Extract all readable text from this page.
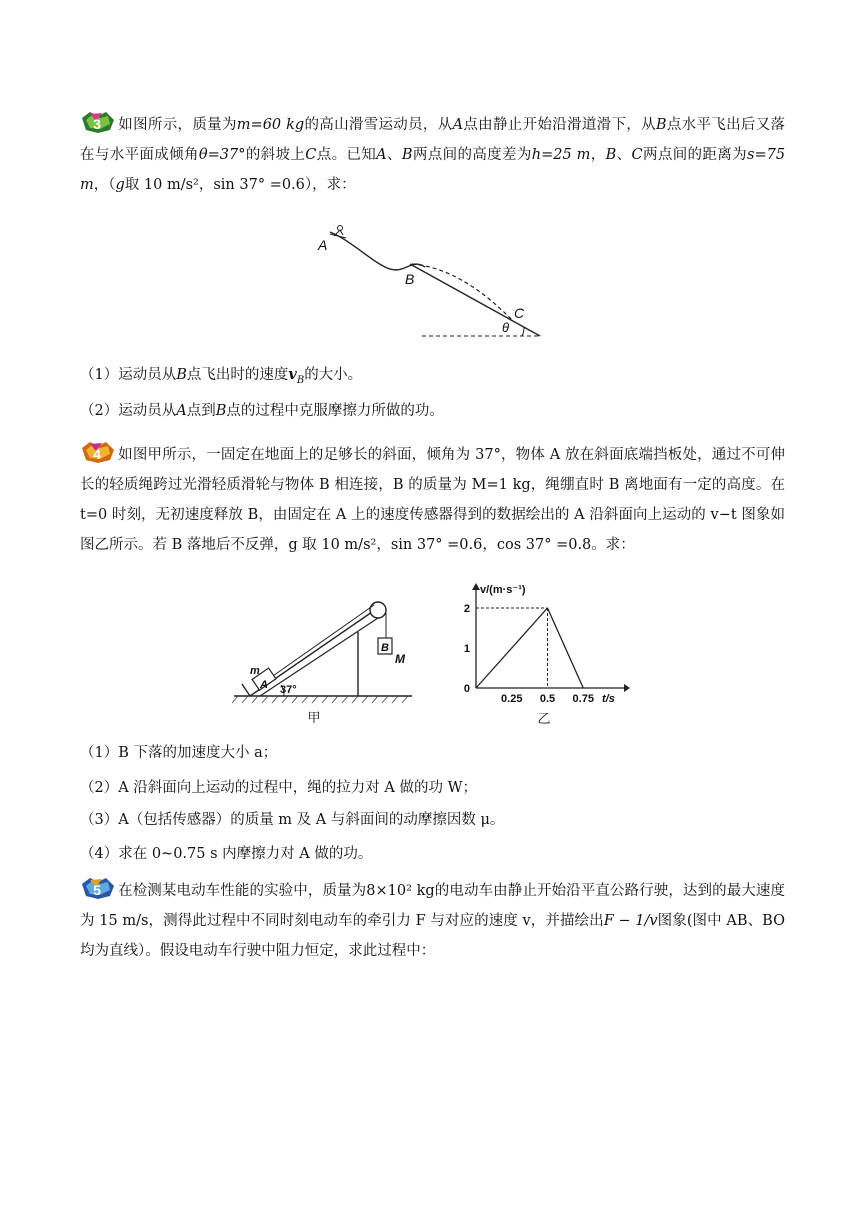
3 如图所示，质量为m=60 kg的高山滑雪运动员，从A点由静止开始沿滑道滑下，从B点水平飞出后又落在与水平面成倾角θ=37°的斜坡上C点。已知A、B两点间的高度差为h=25 m，B、C两点间的距离为s=75 m，（g取 10 m/s²，sin 37° =0.6），求：
A
B
C
θ
（1）运动员从B点飞出时的速度$v_B$的大小。
（2）运动员从A点到B点的过程中克服摩擦力所做的功。
4 如图甲所示，一固定在地面上的足够长的斜面，倾角为 37°，物体 A 放在斜面底端挡板处，通过不可伸长的轻质绳跨过光滑轻质滑轮与物体 B 相连接，B 的质量为 M=1 kg，绳绷直时 B 离地面有一定的高度。在 t=0 时刻，无初速度释放 B，由固定在 A 上的速度传感器得到的数据绘出的 A 沿斜面向上运动的 v−t 图象如图乙所示。若 B 落地后不反弹，g 取 10 m/s²，sin 37° =0.6，cos 37° =0.8。求：
m
A 37°
B
M
甲
v/(m·s⁻¹)
t/s
0
1
2
0.25 0.5 0.75
乙
（1）B 下落的加速度大小 a；
（2）A 沿斜面向上运动的过程中，绳的拉力对 A 做的功 W；
（3）A（包括传感器）的质量 m 及 A 与斜面间的动摩擦因数 μ。
（4）求在 0~0.75 s 内摩擦力对 A 做的功。
5 在检测某电动车性能的实验中，质量为8×10² kg的电动车由静止开始沿平直公路行驶，达到的最大速度为 15 m/s，测得此过程中不同时刻电动车的牵引力 F 与对应的速度 v，并描绘出F − 1/v图象(图中 AB、BO 均为直线）。假设电动车行驶中阻力恒定，求此过程中：
